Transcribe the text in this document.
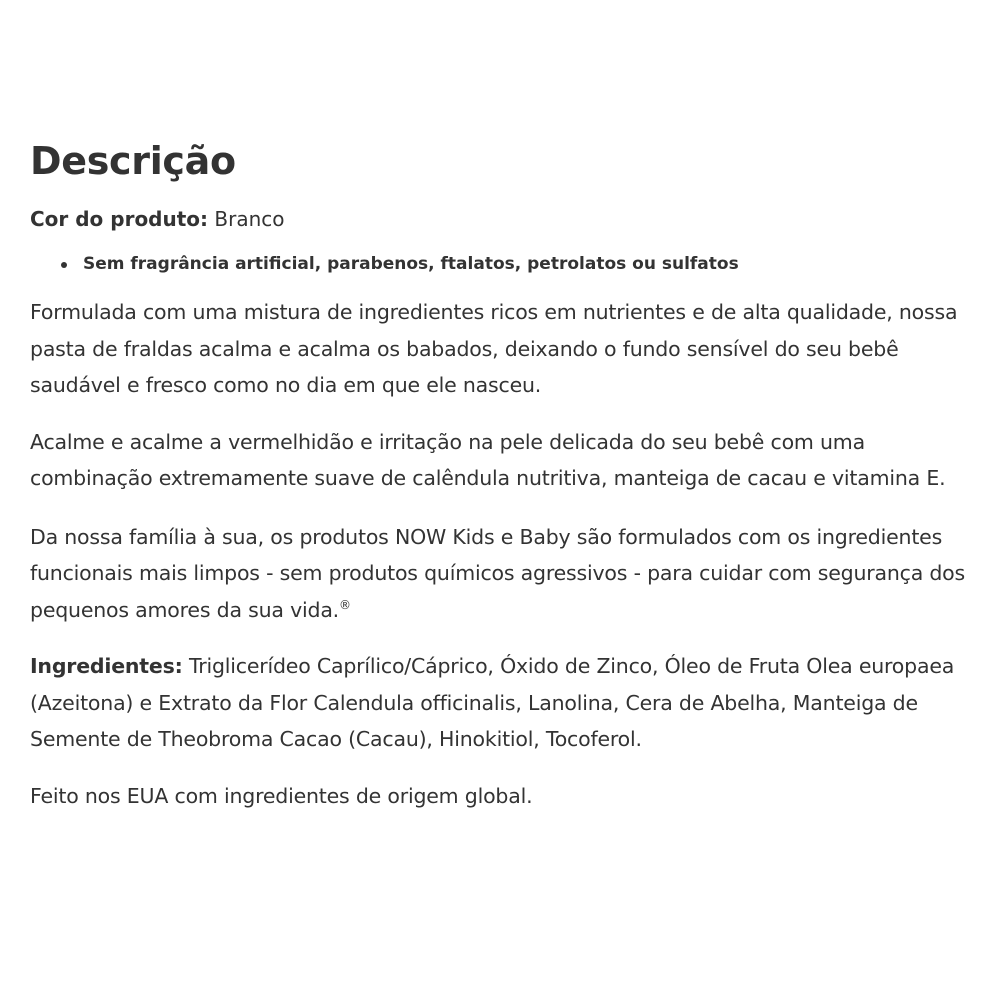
Descrição
Cor do produto: Branco
Sem fragrância artificial, parabenos, ftalatos, petrolatos ou sulfatos

Formulada com uma mistura de ingredientes ricos em nutrientes e de alta qualidade, nossa pasta de fraldas acalma e acalma os babados, deixando o fundo sensível do seu bebê saudável e fresco como no dia em que ele nasceu.

Acalme e acalme a vermelhidão e irritação na pele delicada do seu bebê com uma combinação extremamente suave de calêndula nutritiva, manteiga de cacau e vitamina E.

Da nossa família à sua, os produtos NOW Kids e Baby são formulados com os ingredientes funcionais mais limpos - sem produtos químicos agressivos - para cuidar com segurança dos pequenos amores da sua vida.®

Ingredientes: Triglicerídeo Caprílico/Cáprico, Óxido de Zinco, Óleo de Fruta Olea europaea (Azeitona) e Extrato da Flor Calendula officinalis, Lanolina, Cera de Abelha, Manteiga de Semente de Theobroma Cacao (Cacau), Hinokitiol, Tocoferol.

Feito nos EUA com ingredientes de origem global.
